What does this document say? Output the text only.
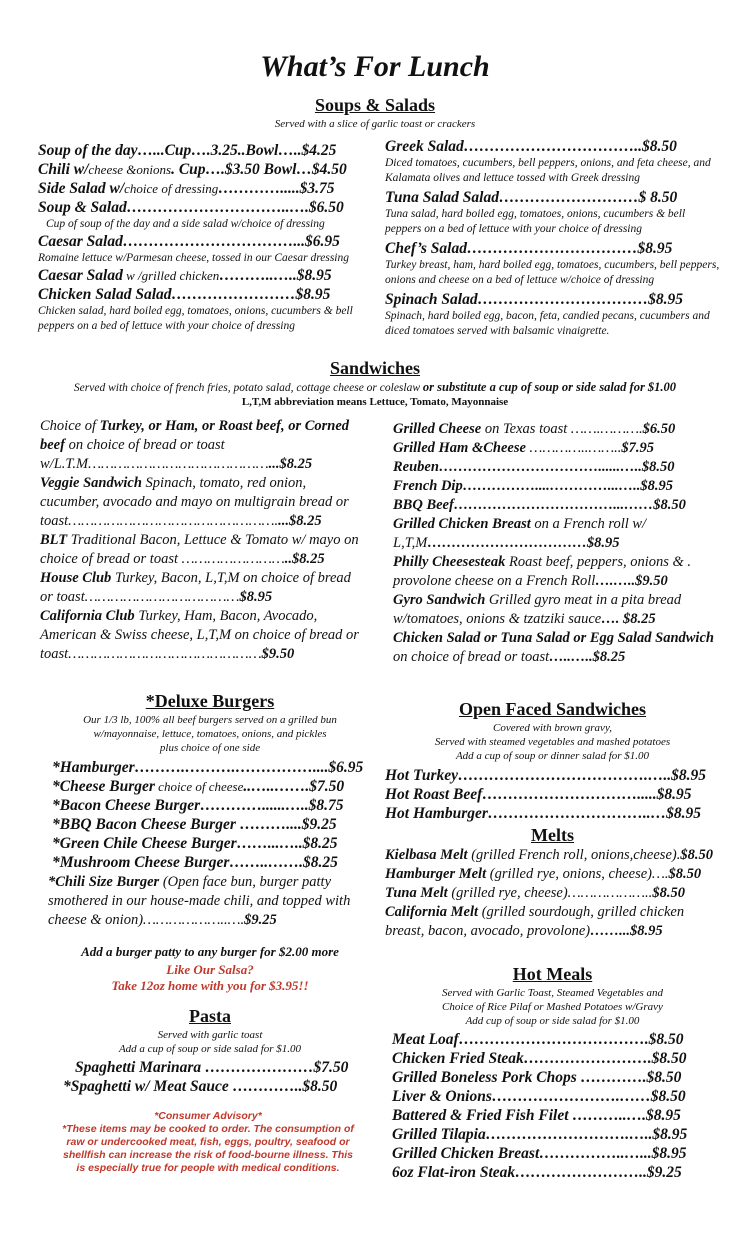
What’s For Lunch
Soups & Salads
Served with a slice of garlic toast or crackers
Soup of the day…...Cup….3.25..Bowl…..$4.25
Chili w/cheese &onions. Cup….$3.50 Bowl…$4.50
Side Salad w/choice of dressing………….....$3.75
Soup & Salad…………………………..….$6.50
Cup of soup of the day and a side salad w/choice of dressing
Caesar Salad……………………………...$6.95
Romaine lettuce w/Parmesan cheese, tossed in our Caesar dressing
Caesar Salad w /grilled chicken………..…..$8.95
Chicken Salad Salad……………………$8.95
Chicken salad, hard boiled egg, tomatoes, onions, cucumbers & bell peppers on a bed of lettuce with your choice of dressing
Greek Salad……………………………..$8.50
Diced tomatoes, cucumbers, bell peppers, onions, and feta cheese, and Kalamata olives and lettuce tossed with Greek dressing
Tuna Salad Salad………………………$ 8.50
Tuna salad, hard boiled egg, tomatoes, onions, cucumbers & bell peppers on a bed of lettuce with your choice of dressing
Chef’s Salad……………………………$8.95
Turkey breast, ham, hard boiled egg, tomatoes, cucumbers, bell peppers, onions and cheese on a bed of lettuce w/choice of dressing
Spinach Salad……………………………$8.95
Spinach, hard boiled egg, bacon, feta, candied pecans, cucumbers and diced tomatoes served with balsamic vinaigrette.
Sandwiches
Served with choice of french fries, potato salad, cottage cheese or coleslaw or substitute a cup of soup or side salad for $1.00
L,T,M abbreviation means Lettuce, Tomato, Mayonnaise
Choice of Turkey, or Ham, or Roast beef, or Corned beef on choice of bread or toast w/L.T.M……………………………………...$8.25
Veggie Sandwich Spinach, tomato, red onion, cucumber, avocado and mayo on multigrain bread or toast…………………………………………....$8.25
BLT Traditional Bacon, Lettuce & Tomato w/ mayo on choice of bread or toast ……………………..$8.25
House Club Turkey, Bacon, L,T,M on choice of bread or toast………………………………$8.95
California Club Turkey, Ham, Bacon, Avocado, American & Swiss cheese, L,T,M on choice of bread or toast………………………………………$9.50
Grilled Cheese on Texas toast …….……….$6.50
Grilled Ham &Cheese …………..……..$7.95
Reuben……………………………......…..$8.50
French Dip……………....…………...…..$8.95
BBQ Beef……………………………...……$8.50
Grilled Chicken Breast on a French roll w/ L,T,M……………………………$8.95
Philly Cheesesteak Roast beef, peppers, onions & . provolone cheese on a French Roll….…..$9.50
Gyro Sandwich Grilled gyro meat in a pita bread w/tomatoes, onions & tzatziki sauce…. $8.25
Chicken Salad or Tuna Salad or Egg Salad Sandwich on choice of bread or toast…..…..$8.25
*Deluxe Burgers
Our 1/3 lb, 100% all beef burgers served on a grilled bun
w/mayonnaise, lettuce, tomatoes, onions, and pickles
plus choice of one side
*Hamburger……….……….……………....$6.95
*Cheese Burger choice of cheese..…..…….$7.50
*Bacon Cheese Burger…………......…..$8.75
*BBQ Bacon Cheese Burger ………....$9.25
*Green Chile Cheese Burger……...…..$8.25
*Mushroom Cheese Burger……..…….$8.25
*Chili Size Burger (Open face bun, burger patty smothered in our house-made chili, and topped with cheese & onion)………………..….$9.25
Add a burger patty to any burger for $2.00 more
Like Our Salsa?
Take 12oz home with you for $3.95!!
Pasta
Served with garlic toast
Add a cup of soup or side salad for $1.00
Spaghetti Marinara …………………$7.50
*Spaghetti w/ Meat Sauce …………..$8.50
*Consumer Advisory*
*These items may be cooked to order. The consumption of raw or undercooked meat, fish, eggs, poultry, seafood or shellfish can increase the risk of food-bourne illness. This is especially true for people with medical conditions.
Open Faced Sandwiches
Covered with brown gravy,
Served with steamed vegetables and mashed potatoes
Add a cup of soup or dinner salad for $1.00
Hot Turkey……………………………….…..$8.95
Hot Roast Beef………………………….....$8.95
Hot Hamburger…………………………..…$8.95
Melts
Kielbasa Melt (grilled French roll, onions,cheese).$8.50
Hamburger Melt (grilled rye, onions, cheese)….$8.50
Tuna Melt (grilled rye, cheese)………………..$8.50
California Melt (grilled sourdough, grilled chicken breast, bacon, avocado, provolone)……...$8.95
Hot Meals
Served with Garlic Toast, Steamed Vegetables and
Choice of Rice Pilaf or Mashed Potatoes w/Gravy
Add cup of soup or side salad for $1.00
Meat Loaf……………………………….$8.50
Chicken Fried Steak…………………….$8.50
Grilled Boneless Pork Chops ………….$8.50
Liver & Onions…………………….……$8.50
Battered & Fried Fish Filet ………..….$8.95
Grilled Tilapia……………………….…..$8.95
Grilled Chicken Breast……………..…...$8.95
6oz Flat-iron Steak……………………..$9.25
